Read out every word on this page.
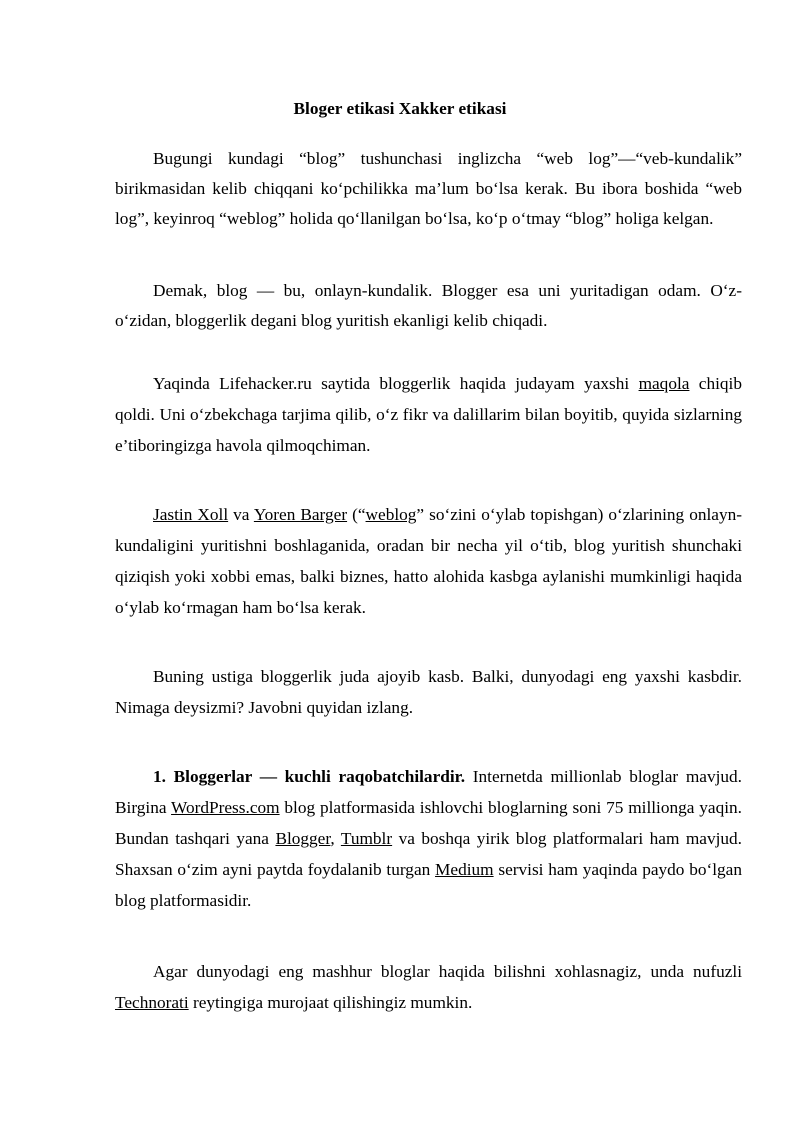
Bloger etikasi Xakker etikasi

Bugungi kundagi “blog” tushunchasi inglizcha “web log”—“veb-kundalik” birikmasidan kelib chiqqani ko‘pchilikka ma’lum bo‘lsa kerak. Bu ibora boshida “web log”, keyinroq “weblog” holida qo‘llanilgan bo‘lsa, ko‘p o‘tmay “blog” holiga kelgan.

Demak, blog — bu, onlayn-kundalik. Blogger esa uni yuritadigan odam. O‘z-o‘zidan, bloggerlik degani blog yuritish ekanligi kelib chiqadi.

Yaqinda Lifehacker.ru saytida bloggerlik haqida judayam yaxshi maqola chiqib qoldi. Uni o‘zbekchaga tarjima qilib, o‘z fikr va dalillarim bilan boyitib, quyida sizlarning e’tiboringizga havola qilmoqchiman.

Jastin Xoll va Yoren Barger (“weblog” so‘zini o‘ylab topishgan) o‘zlarining onlayn-kundaligini yuritishni boshlaganida, oradan bir necha yil o‘tib, blog yuritish shunchaki qiziqish yoki xobbi emas, balki biznes, hatto alohida kasbga aylanishi mumkinligi haqida o‘ylab ko‘rmagan ham bo‘lsa kerak.

Buning ustiga bloggerlik juda ajoyib kasb. Balki, dunyodagi eng yaxshi kasbdir. Nimaga deysizmi? Javobni quyidan izlang.

1. Bloggerlar — kuchli raqobatchilardir. Internetda millionlab bloglar mavjud. Birgina WordPress.com blog platformasida ishlovchi bloglarning soni 75 millionga yaqin. Bundan tashqari yana Blogger, Tumblr va boshqa yirik blog platformalari ham mavjud. Shaxsan o‘zim ayni paytda foydalanib turgan Medium servisi ham yaqinda paydo bo‘lgan blog platformasidir.

Agar dunyodagi eng mashhur bloglar haqida bilishni xohlasnagiz, unda nufuzli Technorati reytingiga murojaat qilishingiz mumkin.
